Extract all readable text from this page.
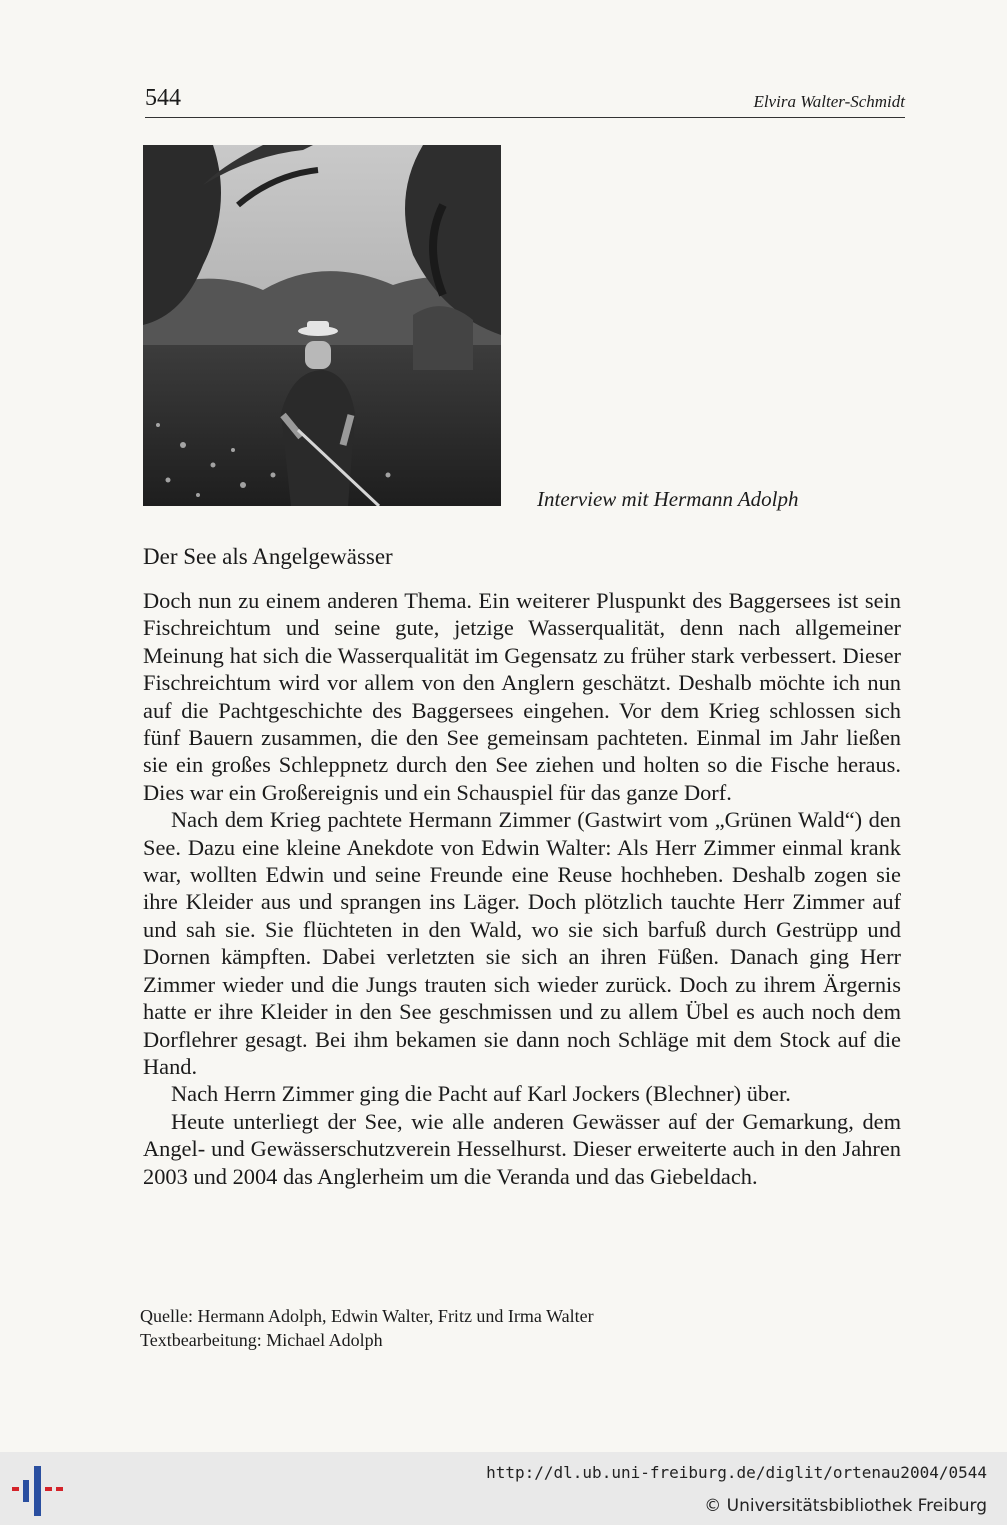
544	Elvira Walter-Schmidt
Interview mit Hermann Adolph
Der See als Angelgewässer

Doch nun zu einem anderen Thema. Ein weiterer Pluspunkt des Baggersees ist sein Fischreichtum und seine gute, jetzige Wasserqualität, denn nach allgemeiner Meinung hat sich die Wasserqualität im Gegensatz zu früher stark verbessert. Dieser Fischreichtum wird vor allem von den Anglern geschätzt. Deshalb möchte ich nun auf die Pachtgeschichte des Baggersees eingehen. Vor dem Krieg schlossen sich fünf Bauern zusammen, die den See gemeinsam pachteten. Einmal im Jahr ließen sie ein großes Schleppnetz durch den See ziehen und holten so die Fische heraus. Dies war ein Großereignis und ein Schauspiel für das ganze Dorf.

Nach dem Krieg pachtete Hermann Zimmer (Gastwirt vom „Grünen Wald“) den See. Dazu eine kleine Anekdote von Edwin Walter: Als Herr Zimmer einmal krank war, wollten Edwin und seine Freunde eine Reuse hochheben. Deshalb zogen sie ihre Kleider aus und sprangen ins Läger. Doch plötzlich tauchte Herr Zimmer auf und sah sie. Sie flüchteten in den Wald, wo sie sich barfuß durch Gestrüpp und Dornen kämpften. Dabei verletzten sie sich an ihren Füßen. Danach ging Herr Zimmer wieder und die Jungs trauten sich wieder zurück. Doch zu ihrem Ärgernis hatte er ihre Kleider in den See geschmissen und zu allem Übel es auch noch dem Dorflehrer gesagt. Bei ihm bekamen sie dann noch Schläge mit dem Stock auf die Hand.

Nach Herrn Zimmer ging die Pacht auf Karl Jockers (Blechner) über.

Heute unterliegt der See, wie alle anderen Gewässer auf der Gemarkung, dem Angel- und Gewässerschutzverein Hesselhurst. Dieser erweiterte auch in den Jahren 2003 und 2004 das Anglerheim um die Veranda und das Giebeldach.

Quelle: Hermann Adolph, Edwin Walter, Fritz und Irma Walter
Textbearbeitung: Michael Adolph
http://dl.ub.uni-freiburg.de/diglit/ortenau2004/0544
© Universitätsbibliothek Freiburg
